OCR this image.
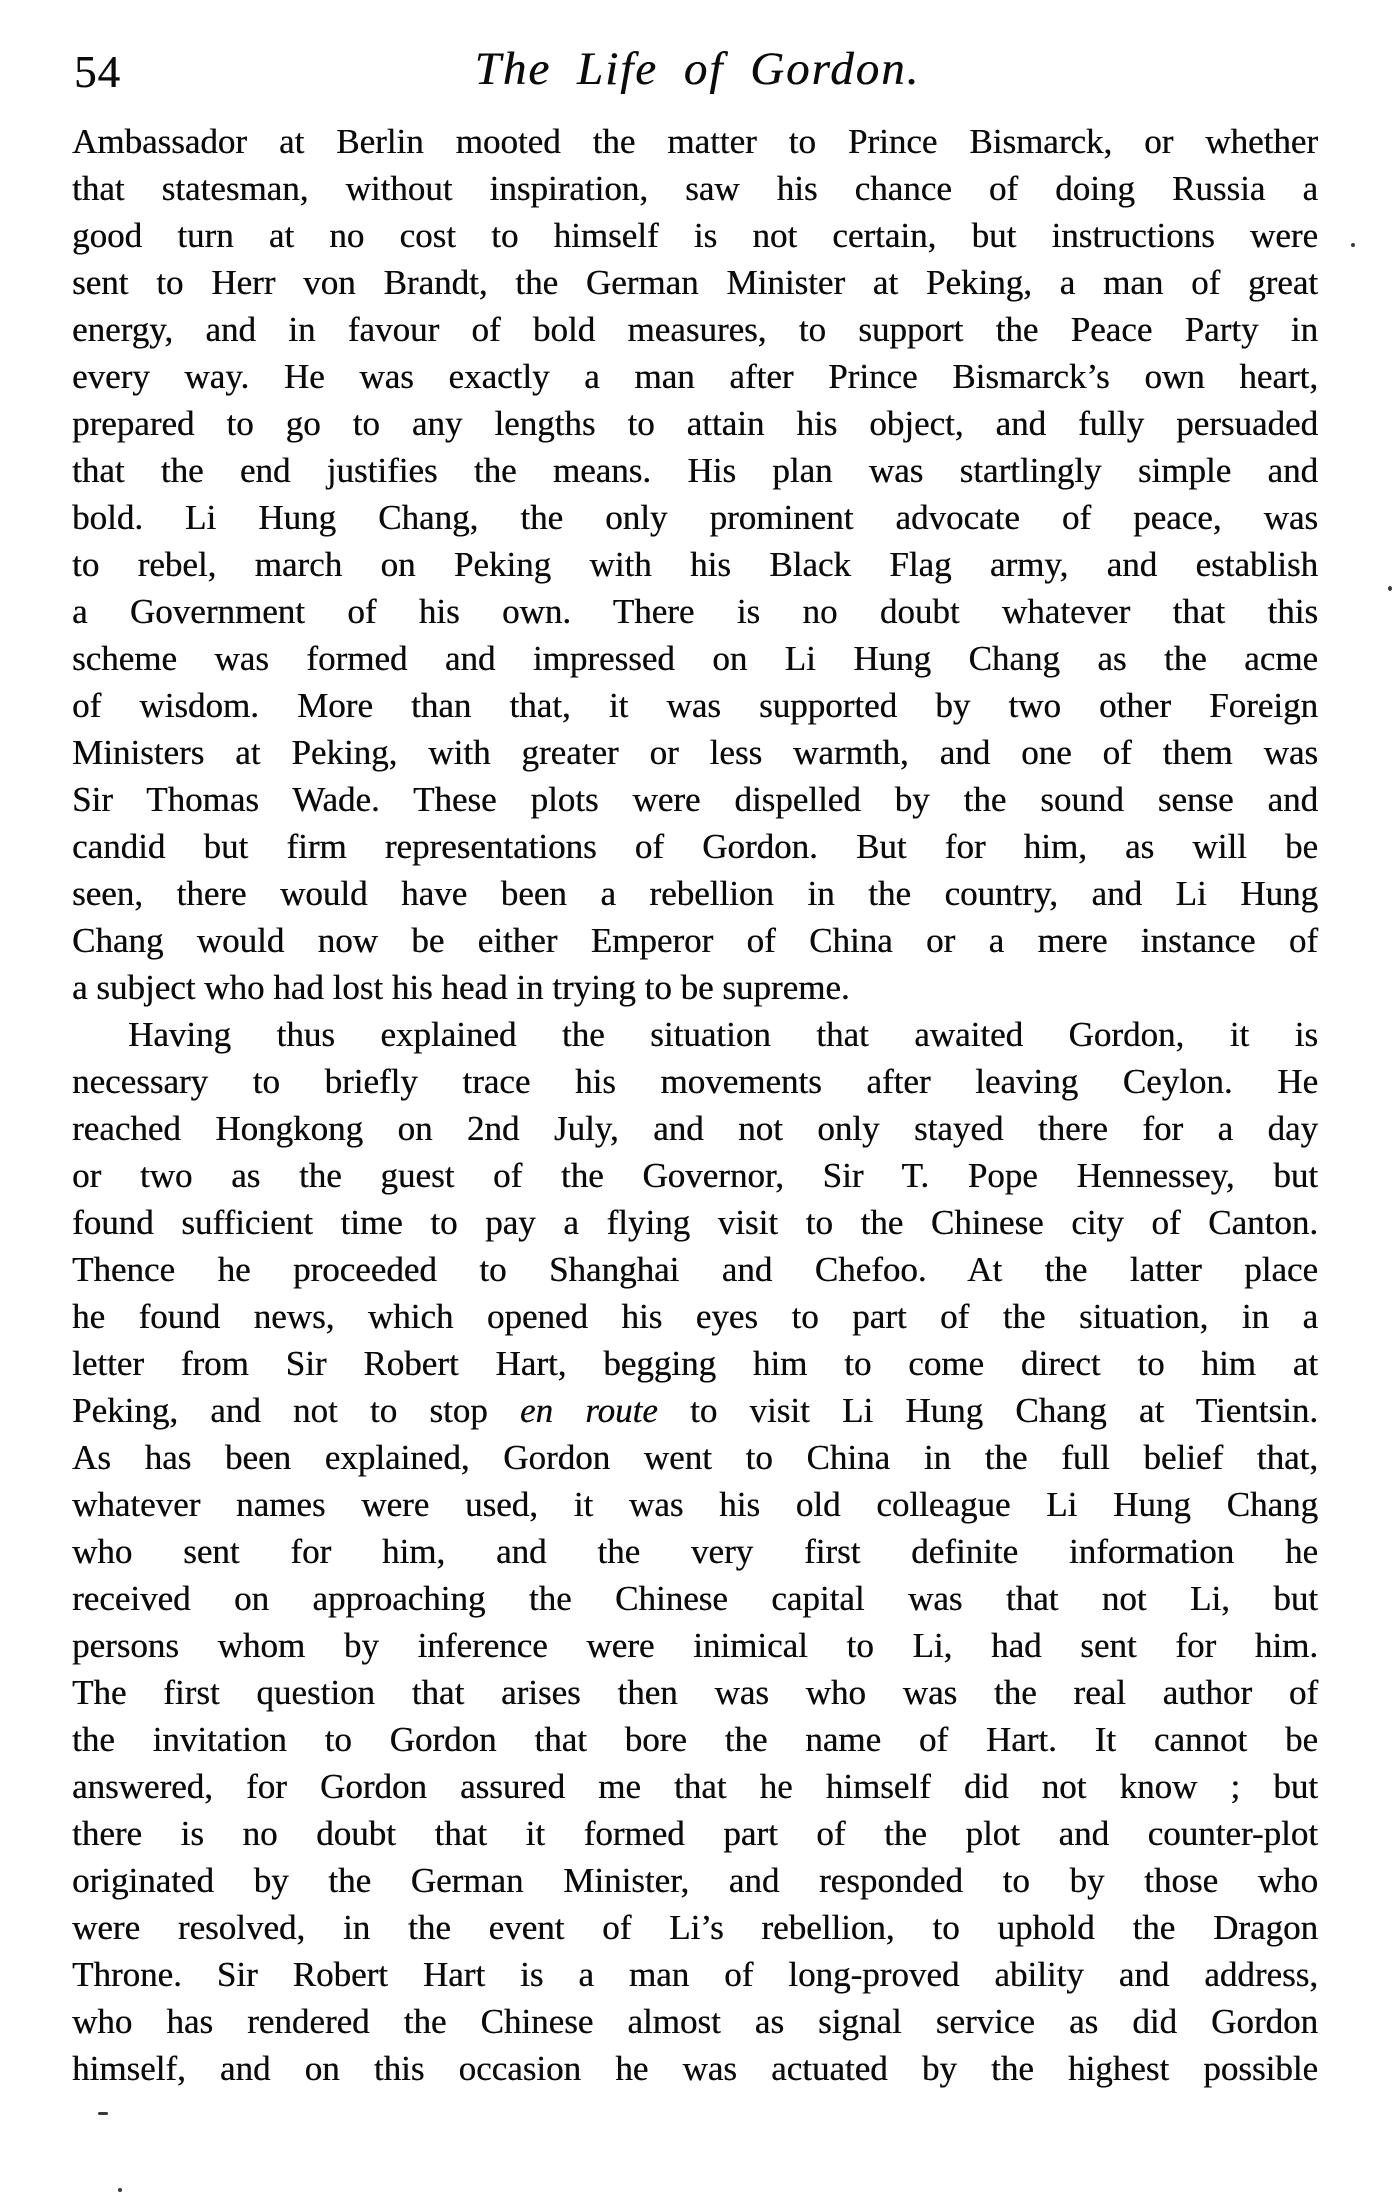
54	The Life of Gordon.
Ambassador at Berlin mooted the matter to Prince Bismarck, or whether
that statesman, without inspiration, saw his chance of doing Russia a
good turn at no cost to himself is not certain, but instructions were
sent to Herr von Brandt, the German Minister at Peking, a man of great
energy, and in favour of bold measures, to support the Peace Party in
every way. He was exactly a man after Prince Bismarck’s own heart,
prepared to go to any lengths to attain his object, and fully persuaded
that the end justifies the means. His plan was startlingly simple and
bold. Li Hung Chang, the only prominent advocate of peace, was
to rebel, march on Peking with his Black Flag army, and establish
a Government of his own. There is no doubt whatever that this
scheme was formed and impressed on Li Hung Chang as the acme
of wisdom. More than that, it was supported by two other Foreign
Ministers at Peking, with greater or less warmth, and one of them was
Sir Thomas Wade. These plots were dispelled by the sound sense and
candid but firm representations of Gordon. But for him, as will be
seen, there would have been a rebellion in the country, and Li Hung
Chang would now be either Emperor of China or a mere instance of
a subject who had lost his head in trying to be supreme.
Having thus explained the situation that awaited Gordon, it is
necessary to briefly trace his movements after leaving Ceylon. He
reached Hongkong on 2nd July, and not only stayed there for a day
or two as the guest of the Governor, Sir T. Pope Hennessey, but
found sufficient time to pay a flying visit to the Chinese city of Canton.
Thence he proceeded to Shanghai and Chefoo. At the latter place
he found news, which opened his eyes to part of the situation, in a
letter from Sir Robert Hart, begging him to come direct to him at
Peking, and not to stop en route to visit Li Hung Chang at Tientsin.
As has been explained, Gordon went to China in the full belief that,
whatever names were used, it was his old colleague Li Hung Chang
who sent for him, and the very first definite information he
received on approaching the Chinese capital was that not Li, but
persons whom by inference were inimical to Li, had sent for him.
The first question that arises then was who was the real author of
the invitation to Gordon that bore the name of Hart. It cannot be
answered, for Gordon assured me that he himself did not know ; but
there is no doubt that it formed part of the plot and counter-plot
originated by the German Minister, and responded to by those who
were resolved, in the event of Li’s rebellion, to uphold the Dragon
Throne. Sir Robert Hart is a man of long-proved ability and address,
who has rendered the Chinese almost as signal service as did Gordon
himself, and on this occasion he was actuated by the highest possible
